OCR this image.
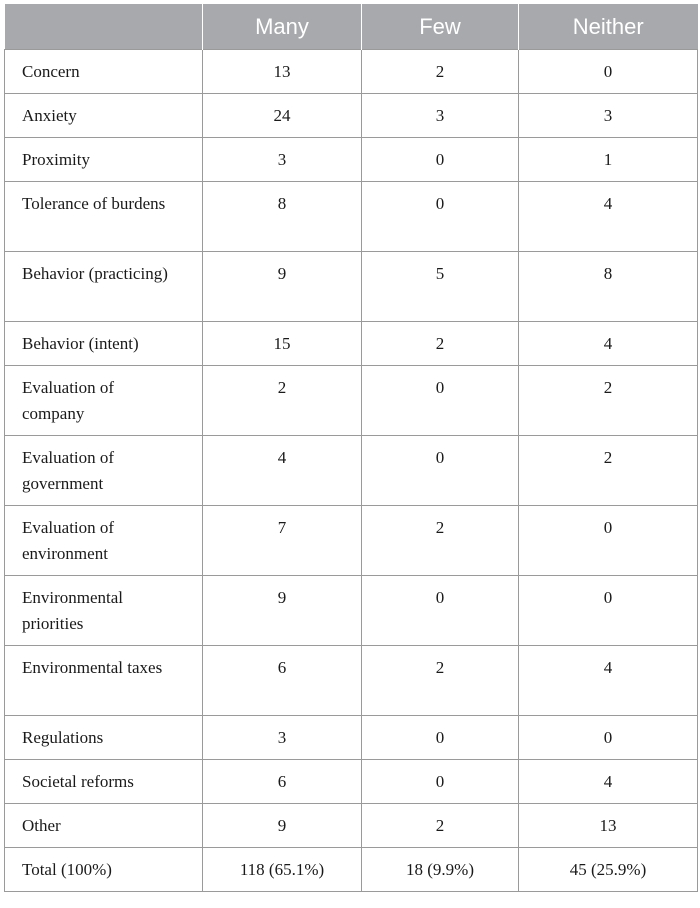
	Many	Few	Neither

Concern	13	2	0

Anxiety	24	3	3

Proximity	3	0	1

Tolerance of burdens	8	0	4

Behavior (practicing)	9	5	8

Behavior (intent)	15	2	4

Evaluation of company	2	0	2

Evaluation of government	4	0	2

Evaluation of environment	7	2	0

Environmental priorities	9	0	0

Environmental taxes	6	2	4

Regulations	3	0	0

Societal reforms	6	0	4

Other	9	2	13
Total (100%)	118 (65.1%)	18 (9.9%)	45 (25.9%)
